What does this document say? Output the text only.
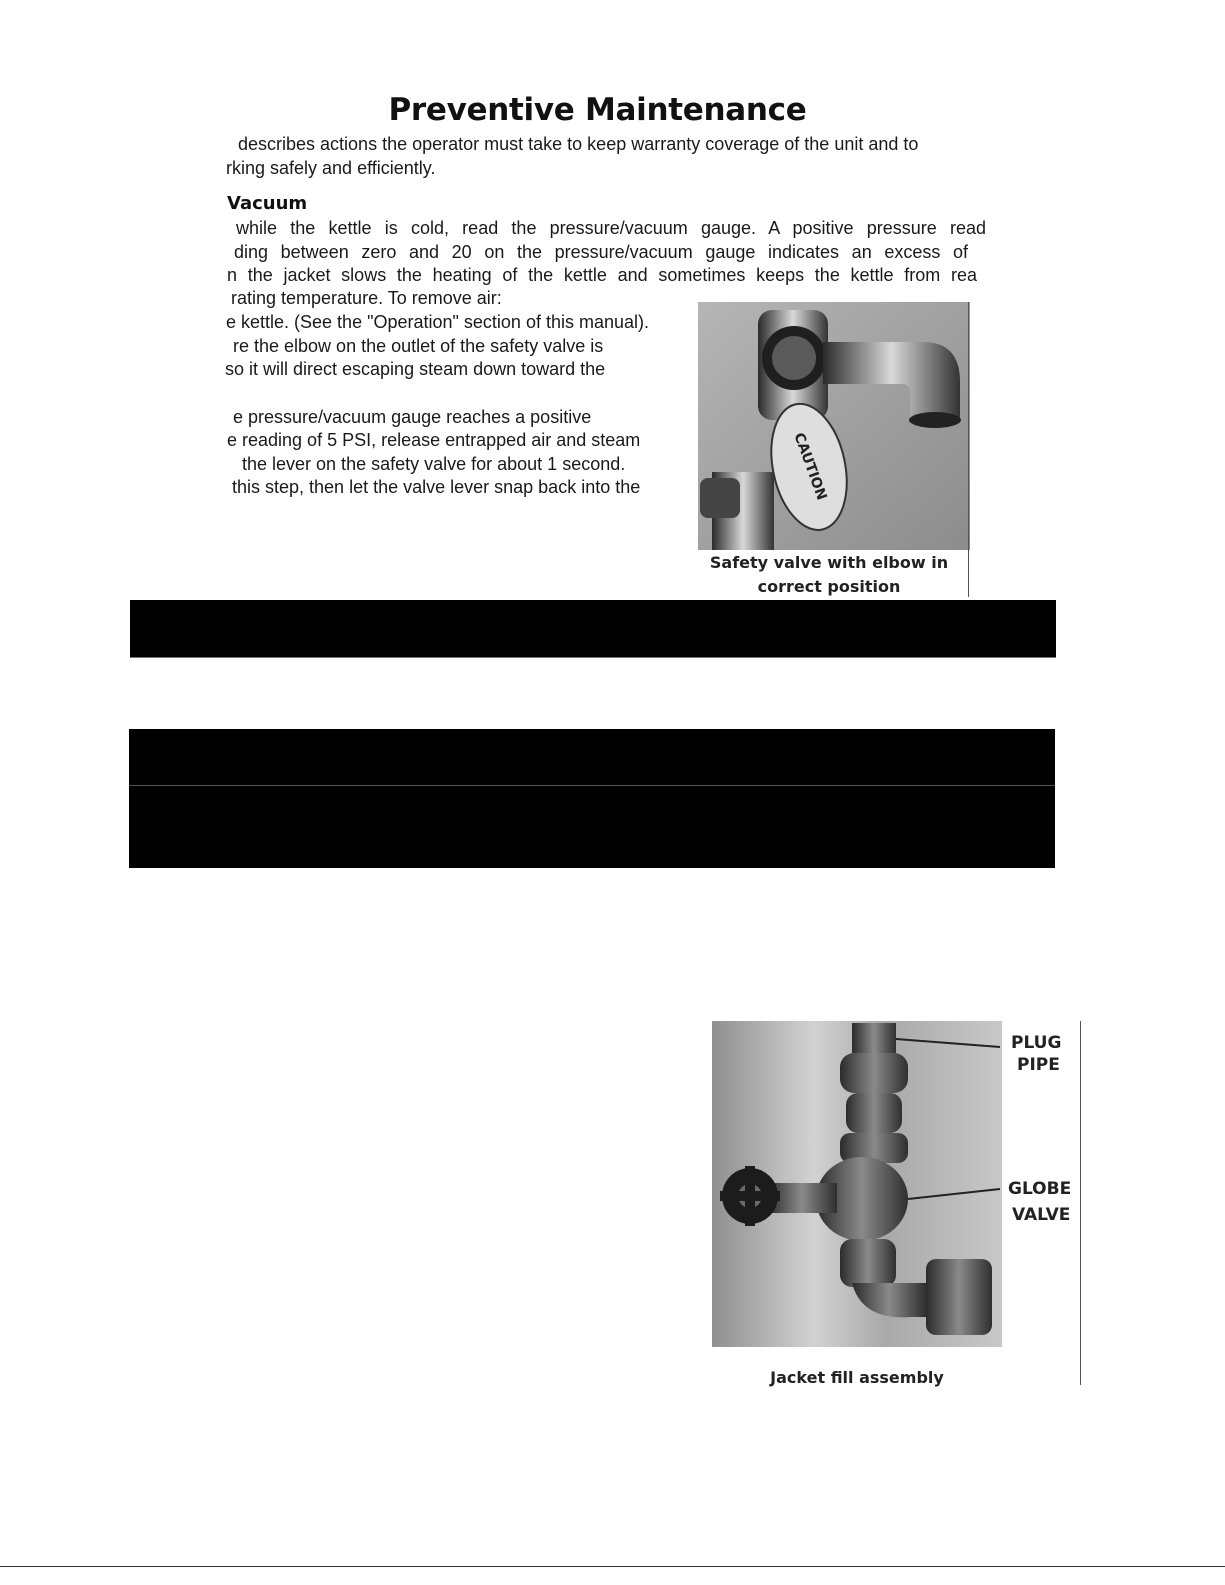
Preventive Maintenance
describes actions the operator must take to keep warranty coverage of the unit and to
rking safely and efficiently.
Vacuum
while the kettle is cold, read the pressure/vacuum gauge. A positive pressure read
ding between zero and 20 on the pressure/vacuum gauge indicates an excess of
n the jacket slows the heating of the kettle and sometimes keeps the kettle from rea
rating temperature. To remove air:
e kettle. (See the "Operation" section of this manual).
re the elbow on the outlet of the safety valve is
so it will direct escaping steam down toward the
e pressure/vacuum gauge reaches a positive
e reading of 5 PSI, release entrapped air and steam
the lever on the safety valve for about 1 second.
this step, then let the valve lever snap back into the	CAUTION
Safety valve with elbow in
correct position
PLUG
PIPE
GLOBE
VALVE
Jacket fill assembly
